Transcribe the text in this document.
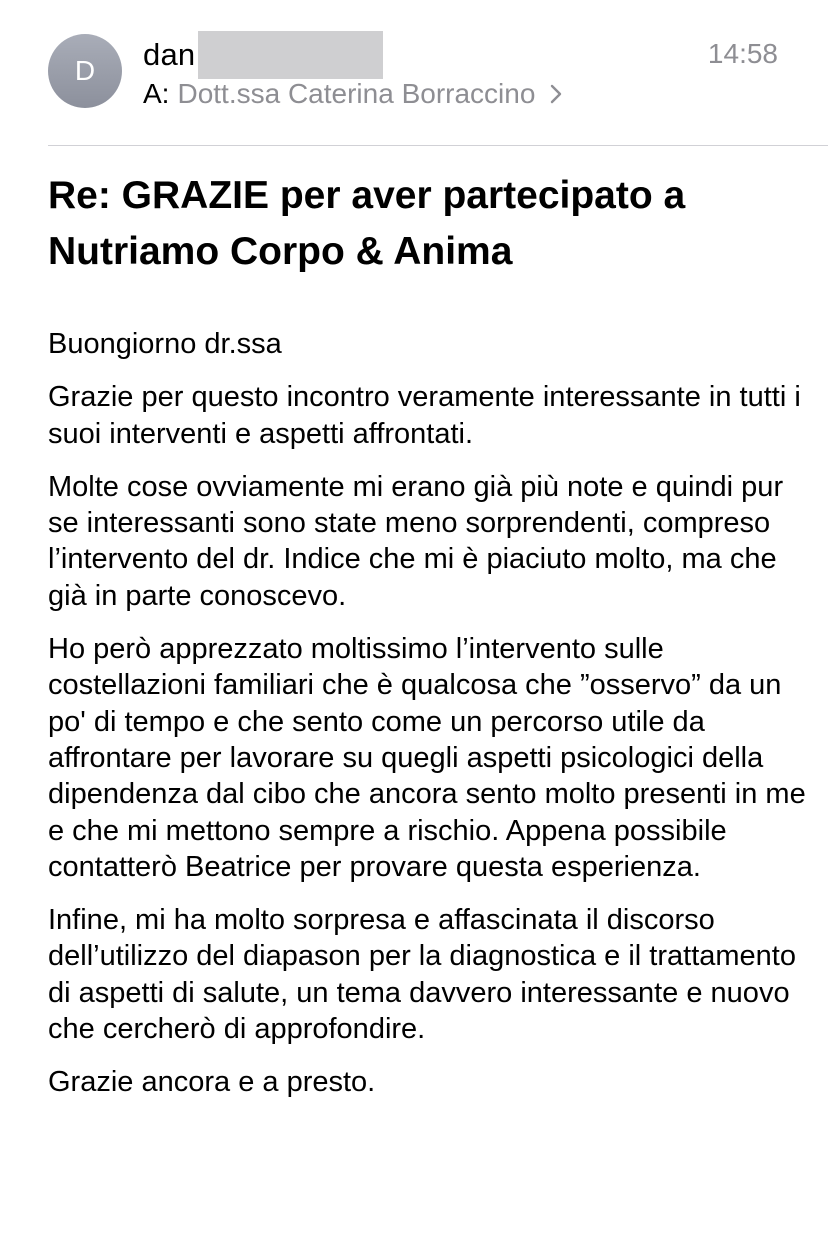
D	dan	14:58
A: Dott.ssa Caterina Borraccino
Re: GRAZIE per aver partecipato a Nutriamo Corpo & Anima

Buongiorno dr.ssa

Grazie per questo incontro veramente interessante in tutti i suoi interventi e aspetti affrontati.

Molte cose ovviamente mi erano già più note e quindi pur se interessanti sono state meno sorprendenti, compreso l’intervento del dr. Indice che mi è piaciuto molto, ma che già in parte conoscevo.

Ho però apprezzato moltissimo l’intervento sulle costellazioni familiari che è qualcosa che ”osservo” da un po' di tempo e che sento come un percorso utile da affrontare per lavorare su quegli aspetti psicologici della dipendenza dal cibo che ancora sento molto presenti in me e che mi mettono sempre a rischio. Appena possibile contatterò Beatrice per provare questa esperienza.

Infine, mi ha molto sorpresa e affascinata il discorso dell’utilizzo del diapason per la diagnostica e il trattamento di aspetti di salute, un tema davvero interessante e nuovo che cercherò di approfondire.

Grazie ancora e a presto.
